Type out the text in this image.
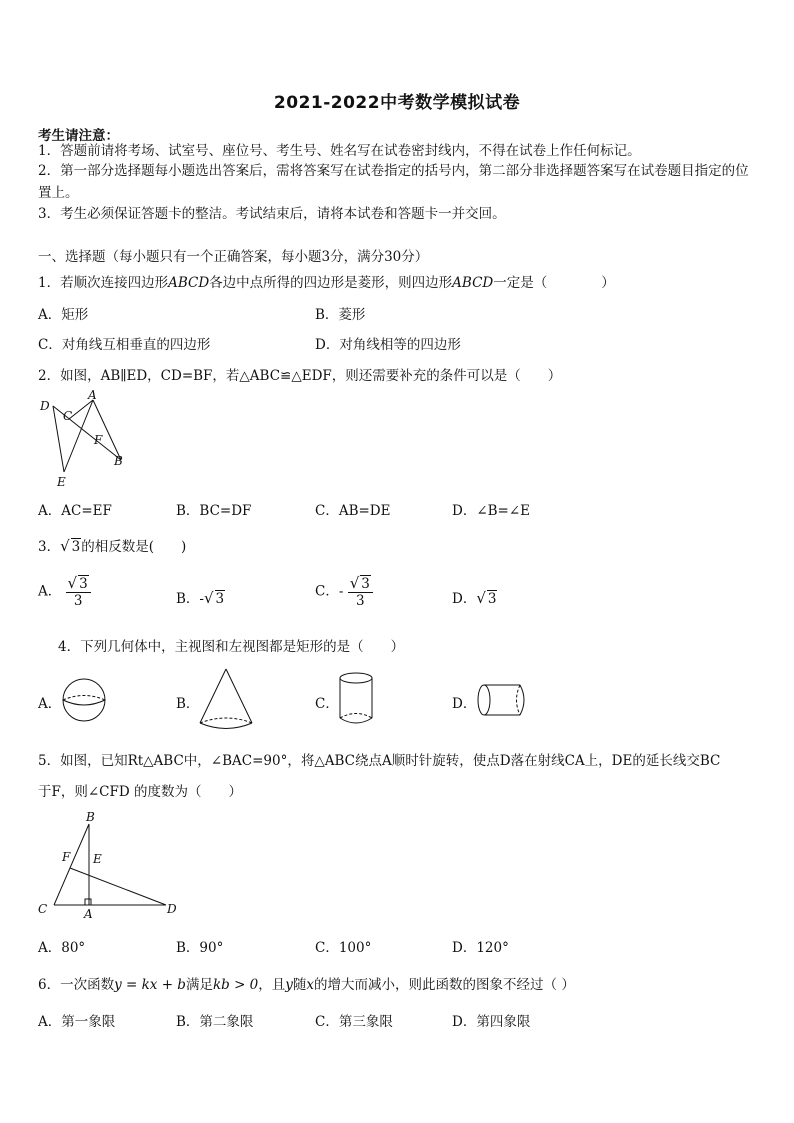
2021-2022中考数学模拟试卷
考生请注意：
1．答题前请将考场、试室号、座位号、考生号、姓名写在试卷密封线内，不得在试卷上作任何标记。
2．第一部分选择题每小题选出答案后，需将答案写在试卷指定的括号内，第二部分非选择题答案写在试卷题目指定的位置上。
3．考生必须保证答题卡的整洁。考试结束后，请将本试卷和答题卡一并交回。
一、选择题（每小题只有一个正确答案，每小题3分，满分30分）
1．若顺次连接四边形ABCD各边中点所得的四边形是菱形，则四边形ABCD一定是（　　　　）
A．矩形	B．菱形
C．对角线互相垂直的四边形	D．对角线相等的四边形
2．如图，AB∥ED，CD=BF，若△ABC≌△EDF，则还需要补充的条件可以是（　　）
D
C
A
F
B
E
A．AC=EF	B．BC=DF	C．AB=DE	D．∠B=∠E
3．√ 3的相反数是(　　)
A． $\frac{√ 3}{3}$	B．-√ 3	C．- $\frac{√ 3}{3}$	D．√ 3
4．下列几何体中，主视图和左视图都是矩形的是（　　）
A．	B．	C．	D．
5．如图，已知Rt△ABC中，∠BAC=90°，将△ABC绕点A顺时针旋转，使点D落在射线CA上，DE的延长线交BC
于F，则∠CFD 的度数为（　　）
B
F E
C	A	D
A．80°	B．90°	C．100°	D．120°
6．一次函数y = kx + b满足kb > 0，且y随x的增大而减小，则此函数的图象不经过（ ）
A．第一象限	B．第二象限	C．第三象限	D．第四象限
